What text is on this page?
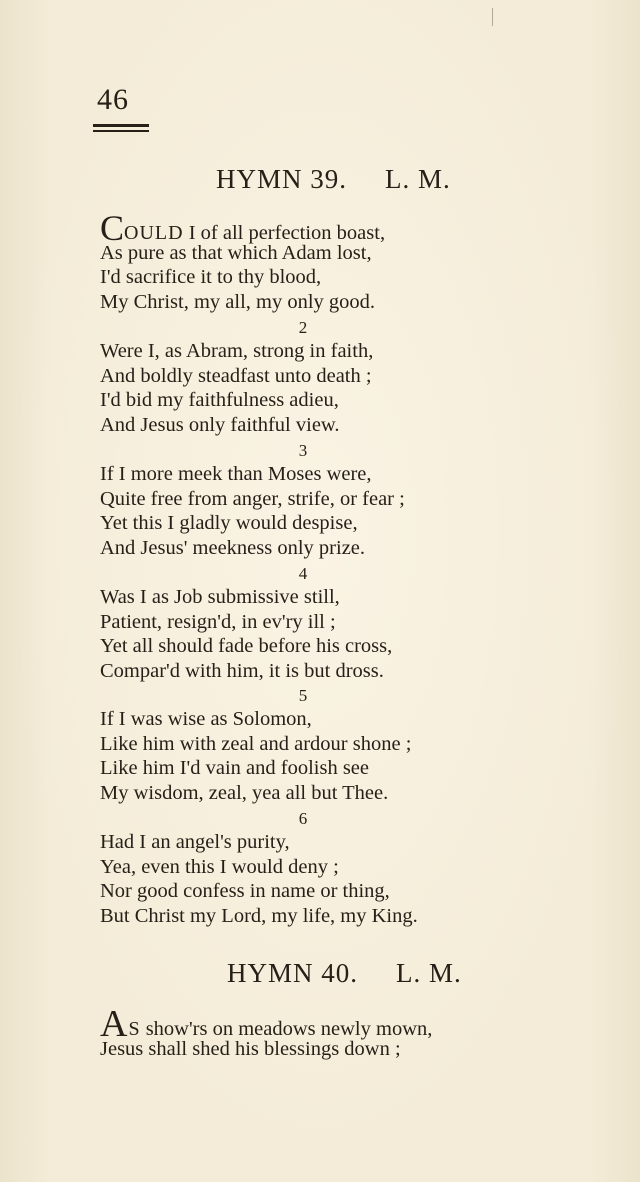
46
HYMN 39. L. M.
COULD I of all perfection boast,
As pure as that which Adam lost,
I'd sacrifice it to thy blood,
My Christ, my all, my only good.
2
Were I, as Abram, strong in faith,
And boldly steadfast unto death ;
I'd bid my faithfulness adieu,
And Jesus only faithful view.
3
If I more meek than Moses were,
Quite free from anger, strife, or fear ;
Yet this I gladly would despise,
And Jesus' meekness only prize.
4
Was I as Job submissive still,
Patient, resign'd, in ev'ry ill ;
Yet all should fade before his cross,
Compar'd with him, it is but dross.
5
If I was wise as Solomon,
Like him with zeal and ardour shone ;
Like him I'd vain and foolish see
My wisdom, zeal, yea all but Thee.
6
Had I an angel's purity,
Yea, even this I would deny ;
Nor good confess in name or thing,
But Christ my Lord, my life, my King.
HYMN 40. L. M.
AS show'rs on meadows newly mown,
Jesus shall shed his blessings down ;
